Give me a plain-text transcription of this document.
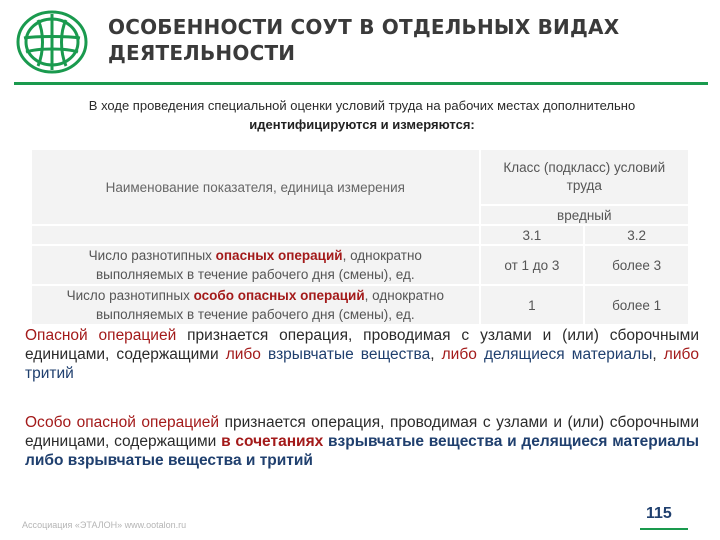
ОСОБЕННОСТИ СОУТ В ОТДЕЛЬНЫХ ВИДАХ
ДЕЯТЕЛЬНОСТИ
В ходе проведения специальной оценки условий труда на рабочих местах дополнительно
идентифицируются и измеряются:
Наименование показателя, единица измерения	Класс (подкласс) условий
труда	
	вредный	
	3.1	3.2
Число разнотипных опасных операций, однократно
выполняемых в течение рабочего дня (смены), ед.	от 1 до 3	более 3
Число разнотипных особо опасных операций, однократно
выполняемых в течение рабочего дня (смены), ед.	1	более 1
Опасной операцией признается операция, проводимая с узлами и (или) сборочными единицами, содержащими либо взрывчатые вещества, либо делящиеся материалы, либо тритий
Особо опасной операцией признается операция, проводимая с узлами и (или) сборочными единицами, содержащими в сочетаниях взрывчатые вещества и делящиеся материалы либо взрывчатые вещества и тритий
Ассоциация «ЭТАЛОН» www.ootalon.ru
115
